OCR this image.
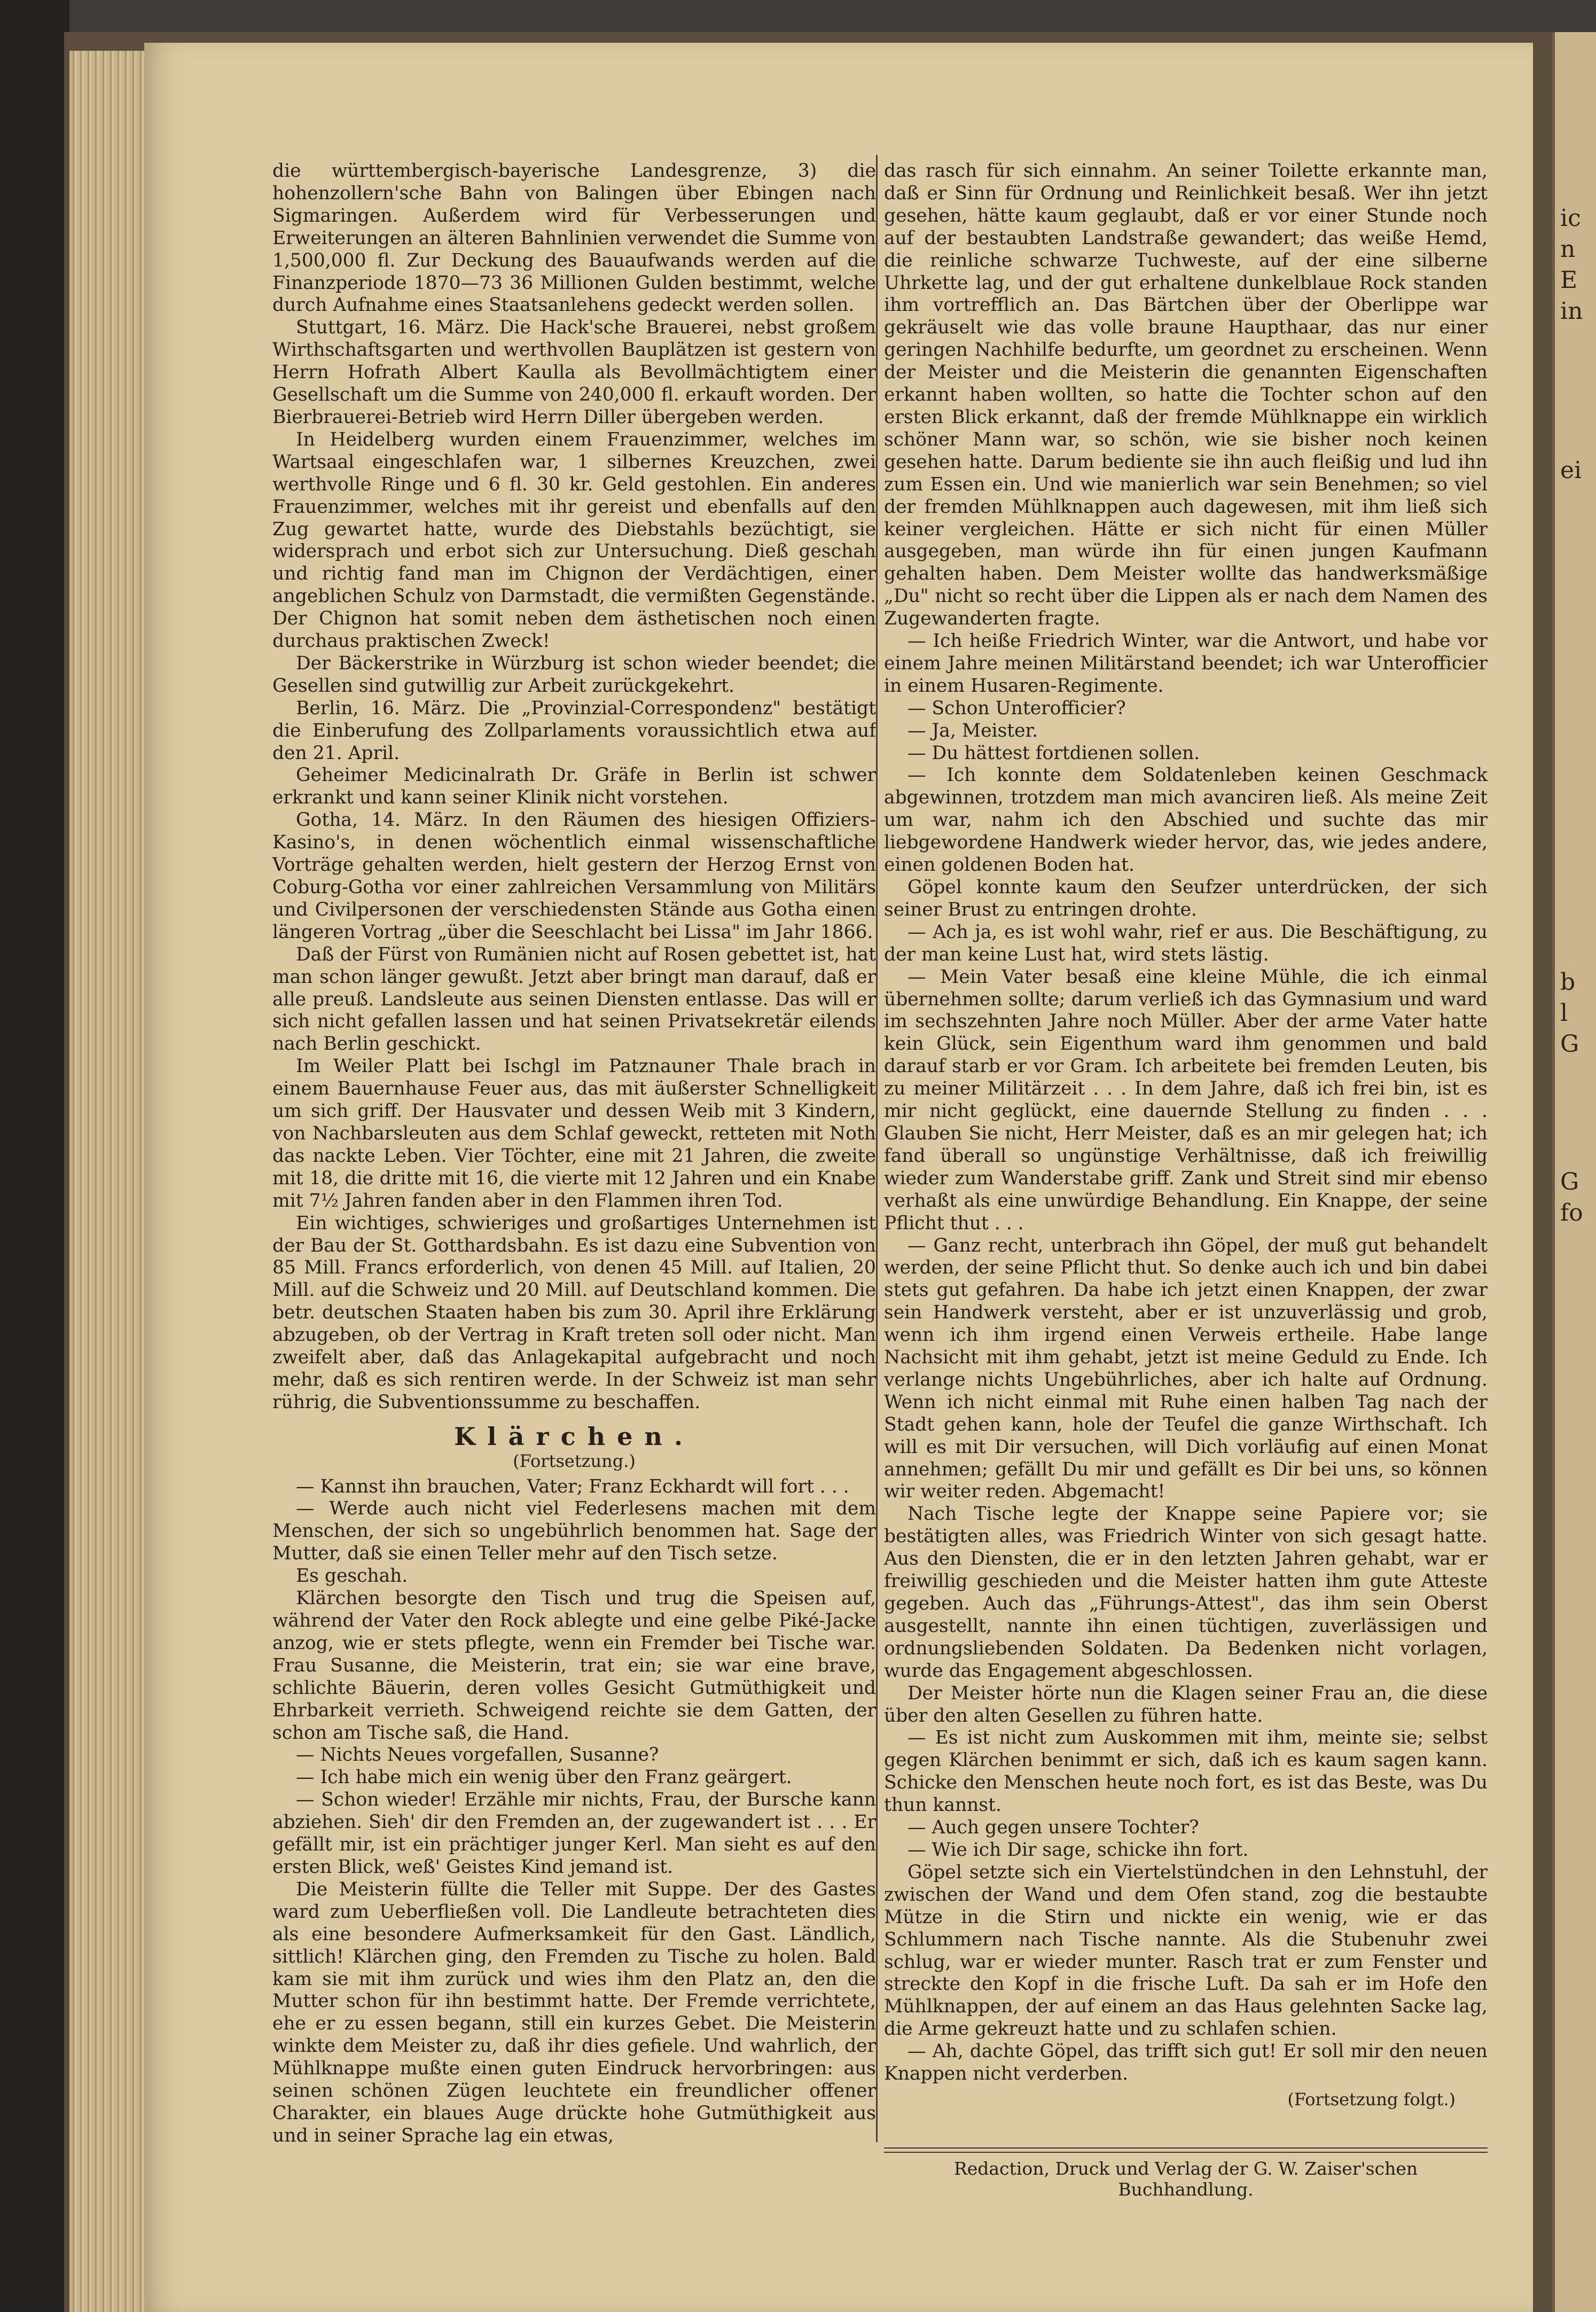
die württembergisch-bayerische Landesgrenze, 3) die hohenzollern'sche Bahn von Balingen über Ebingen nach Sigmaringen. Außerdem wird für Verbesserungen und Erweiterungen an älteren Bahnlinien verwendet die Summe von 1,500,000 fl. Zur Deckung des Bauaufwands werden auf die Finanzperiode 1870—73 36 Millionen Gulden bestimmt, welche durch Aufnahme eines Staatsanlehens gedeckt werden sollen.

Stuttgart, 16. März. Die Hack'sche Brauerei, nebst großem Wirthschaftsgarten und werthvollen Bauplätzen ist gestern von Herrn Hofrath Albert Kaulla als Bevollmächtigtem einer Gesellschaft um die Summe von 240,000 fl. erkauft worden. Der Bierbrauerei-Betrieb wird Herrn Diller übergeben werden.

In Heidelberg wurden einem Frauenzimmer, welches im Wartsaal eingeschlafen war, 1 silbernes Kreuzchen, zwei werthvolle Ringe und 6 fl. 30 kr. Geld gestohlen. Ein anderes Frauenzimmer, welches mit ihr gereist und ebenfalls auf den Zug gewartet hatte, wurde des Diebstahls bezüchtigt, sie widersprach und erbot sich zur Untersuchung. Dieß geschah und richtig fand man im Chignon der Verdächtigen, einer angeblichen Schulz von Darmstadt, die vermißten Gegenstände. Der Chignon hat somit neben dem ästhetischen noch einen durchaus praktischen Zweck!

Der Bäckerstrike in Würzburg ist schon wieder beendet; die Gesellen sind gutwillig zur Arbeit zurückgekehrt.

Berlin, 16. März. Die „Provinzial-Correspondenz" bestätigt die Einberufung des Zollparlaments voraussichtlich etwa auf den 21. April.

Geheimer Medicinalrath Dr. Gräfe in Berlin ist schwer erkrankt und kann seiner Klinik nicht vorstehen.

Gotha, 14. März. In den Räumen des hiesigen Offiziers-Kasino's, in denen wöchentlich einmal wissenschaftliche Vorträge gehalten werden, hielt gestern der Herzog Ernst von Coburg-Gotha vor einer zahlreichen Versammlung von Militärs und Civilpersonen der verschiedensten Stände aus Gotha einen längeren Vortrag „über die Seeschlacht bei Lissa" im Jahr 1866.

Daß der Fürst von Rumänien nicht auf Rosen gebettet ist, hat man schon länger gewußt. Jetzt aber bringt man darauf, daß er alle preuß. Landsleute aus seinen Diensten entlasse. Das will er sich nicht gefallen lassen und hat seinen Privatsekretär eilends nach Berlin geschickt.

Im Weiler Platt bei Ischgl im Patznauner Thale brach in einem Bauernhause Feuer aus, das mit äußerster Schnelligkeit um sich griff. Der Hausvater und dessen Weib mit 3 Kindern, von Nachbarsleuten aus dem Schlaf geweckt, retteten mit Noth das nackte Leben. Vier Töchter, eine mit 21 Jahren, die zweite mit 18, die dritte mit 16, die vierte mit 12 Jahren und ein Knabe mit 7½ Jahren fanden aber in den Flammen ihren Tod.

Ein wichtiges, schwieriges und großartiges Unternehmen ist der Bau der St. Gotthardsbahn. Es ist dazu eine Subvention von 85 Mill. Francs erforderlich, von denen 45 Mill. auf Italien, 20 Mill. auf die Schweiz und 20 Mill. auf Deutschland kommen. Die betr. deutschen Staaten haben bis zum 30. April ihre Erklärung abzugeben, ob der Vertrag in Kraft treten soll oder nicht. Man zweifelt aber, daß das Anlagekapital aufgebracht und noch mehr, daß es sich rentiren werde. In der Schweiz ist man sehr rührig, die Subventionssumme zu beschaffen.

Klärchen.
(Fortsetzung.)

— Kannst ihn brauchen, Vater; Franz Eckhardt will fort . . .

— Werde auch nicht viel Federlesens machen mit dem Menschen, der sich so ungebührlich benommen hat. Sage der Mutter, daß sie einen Teller mehr auf den Tisch setze.

Es geschah.

Klärchen besorgte den Tisch und trug die Speisen auf, während der Vater den Rock ablegte und eine gelbe Piké-Jacke anzog, wie er stets pflegte, wenn ein Fremder bei Tische war. Frau Susanne, die Meisterin, trat ein; sie war eine brave, schlichte Bäuerin, deren volles Gesicht Gutmüthigkeit und Ehrbarkeit verrieth. Schweigend reichte sie dem Gatten, der schon am Tische saß, die Hand.

— Nichts Neues vorgefallen, Susanne?

— Ich habe mich ein wenig über den Franz geärgert.

— Schon wieder! Erzähle mir nichts, Frau, der Bursche kann abziehen. Sieh' dir den Fremden an, der zugewandert ist . . . Er gefällt mir, ist ein prächtiger junger Kerl. Man sieht es auf den ersten Blick, weß' Geistes Kind jemand ist.

Die Meisterin füllte die Teller mit Suppe. Der des Gastes ward zum Ueberfließen voll. Die Landleute betrachteten dies als eine besondere Aufmerksamkeit für den Gast. Ländlich, sittlich! Klärchen ging, den Fremden zu Tische zu holen. Bald kam sie mit ihm zurück und wies ihm den Platz an, den die Mutter schon für ihn bestimmt hatte. Der Fremde verrichtete, ehe er zu essen begann, still ein kurzes Gebet. Die Meisterin winkte dem Meister zu, daß ihr dies gefiele. Und wahrlich, der Mühlknappe mußte einen guten Eindruck hervorbringen: aus seinen schönen Zügen leuchtete ein freundlicher offener Charakter, ein blaues Auge drückte hohe Gutmüthigkeit aus und in seiner Sprache lag ein etwas,

das rasch für sich einnahm. An seiner Toilette erkannte man, daß er Sinn für Ordnung und Reinlichkeit besaß. Wer ihn jetzt gesehen, hätte kaum geglaubt, daß er vor einer Stunde noch auf der bestaubten Landstraße gewandert; das weiße Hemd, die reinliche schwarze Tuchweste, auf der eine silberne Uhrkette lag, und der gut erhaltene dunkelblaue Rock standen ihm vortrefflich an. Das Bärtchen über der Oberlippe war gekräuselt wie das volle braune Haupthaar, das nur einer geringen Nachhilfe bedurfte, um geordnet zu erscheinen. Wenn der Meister und die Meisterin die genannten Eigenschaften erkannt haben wollten, so hatte die Tochter schon auf den ersten Blick erkannt, daß der fremde Mühlknappe ein wirklich schöner Mann war, so schön, wie sie bisher noch keinen gesehen hatte. Darum bediente sie ihn auch fleißig und lud ihn zum Essen ein. Und wie manierlich war sein Benehmen; so viel der fremden Mühlknappen auch dagewesen, mit ihm ließ sich keiner vergleichen. Hätte er sich nicht für einen Müller ausgegeben, man würde ihn für einen jungen Kaufmann gehalten haben. Dem Meister wollte das handwerksmäßige „Du" nicht so recht über die Lippen als er nach dem Namen des Zugewanderten fragte.

— Ich heiße Friedrich Winter, war die Antwort, und habe vor einem Jahre meinen Militärstand beendet; ich war Unterofficier in einem Husaren-Regimente.

— Schon Unterofficier?

— Ja, Meister.

— Du hättest fortdienen sollen.

— Ich konnte dem Soldatenleben keinen Geschmack abgewinnen, trotzdem man mich avanciren ließ. Als meine Zeit um war, nahm ich den Abschied und suchte das mir liebgewordene Handwerk wieder hervor, das, wie jedes andere, einen goldenen Boden hat.

Göpel konnte kaum den Seufzer unterdrücken, der sich seiner Brust zu entringen drohte.

— Ach ja, es ist wohl wahr, rief er aus. Die Beschäftigung, zu der man keine Lust hat, wird stets lästig.

— Mein Vater besaß eine kleine Mühle, die ich einmal übernehmen sollte; darum verließ ich das Gymnasium und ward im sechszehnten Jahre noch Müller. Aber der arme Vater hatte kein Glück, sein Eigenthum ward ihm genommen und bald darauf starb er vor Gram. Ich arbeitete bei fremden Leuten, bis zu meiner Militärzeit . . . In dem Jahre, daß ich frei bin, ist es mir nicht geglückt, eine dauernde Stellung zu finden . . . Glauben Sie nicht, Herr Meister, daß es an mir gelegen hat; ich fand überall so ungünstige Verhältnisse, daß ich freiwillig wieder zum Wanderstabe griff. Zank und Streit sind mir ebenso verhaßt als eine unwürdige Behandlung. Ein Knappe, der seine Pflicht thut . . .

— Ganz recht, unterbrach ihn Göpel, der muß gut behandelt werden, der seine Pflicht thut. So denke auch ich und bin dabei stets gut gefahren. Da habe ich jetzt einen Knappen, der zwar sein Handwerk versteht, aber er ist unzuverlässig und grob, wenn ich ihm irgend einen Verweis ertheile. Habe lange Nachsicht mit ihm gehabt, jetzt ist meine Geduld zu Ende. Ich verlange nichts Ungebührliches, aber ich halte auf Ordnung. Wenn ich nicht einmal mit Ruhe einen halben Tag nach der Stadt gehen kann, hole der Teufel die ganze Wirthschaft. Ich will es mit Dir versuchen, will Dich vorläufig auf einen Monat annehmen; gefällt Du mir und gefällt es Dir bei uns, so können wir weiter reden. Abgemacht!

Nach Tische legte der Knappe seine Papiere vor; sie bestätigten alles, was Friedrich Winter von sich gesagt hatte. Aus den Diensten, die er in den letzten Jahren gehabt, war er freiwillig geschieden und die Meister hatten ihm gute Atteste gegeben. Auch das „Führungs-Attest", das ihm sein Oberst ausgestellt, nannte ihn einen tüchtigen, zuverlässigen und ordnungsliebenden Soldaten. Da Bedenken nicht vorlagen, wurde das Engagement abgeschlossen.

Der Meister hörte nun die Klagen seiner Frau an, die diese über den alten Gesellen zu führen hatte.

— Es ist nicht zum Auskommen mit ihm, meinte sie; selbst gegen Klärchen benimmt er sich, daß ich es kaum sagen kann. Schicke den Menschen heute noch fort, es ist das Beste, was Du thun kannst.

— Auch gegen unsere Tochter?

— Wie ich Dir sage, schicke ihn fort.

Göpel setzte sich ein Viertelstündchen in den Lehnstuhl, der zwischen der Wand und dem Ofen stand, zog die bestaubte Mütze in die Stirn und nickte ein wenig, wie er das Schlummern nach Tische nannte. Als die Stubenuhr zwei schlug, war er wieder munter. Rasch trat er zum Fenster und streckte den Kopf in die frische Luft. Da sah er im Hofe den Mühlknappen, der auf einem an das Haus gelehnten Sacke lag, die Arme gekreuzt hatte und zu schlafen schien.

— Ah, dachte Göpel, das trifft sich gut! Er soll mir den neuen Knappen nicht verderben.

(Fortsetzung folgt.)
Redaction, Druck und Verlag der G. W. Zaiser'schen Buchhandlung.
ic
n
E
in
ei
b
l
G
G
fo
